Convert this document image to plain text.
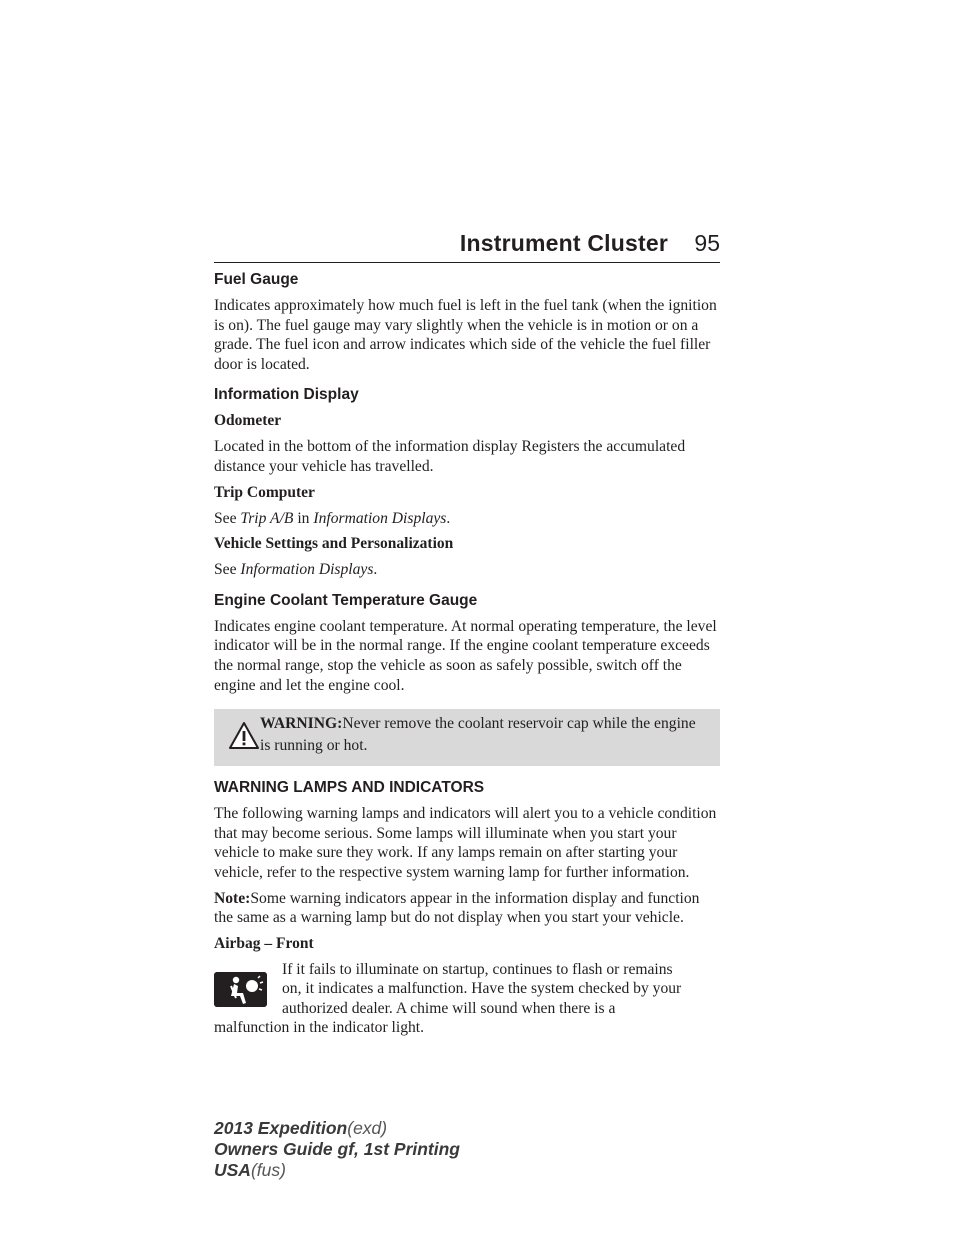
Instrument Cluster 95
Fuel Gauge

Indicates approximately how much fuel is left in the fuel tank (when the ignition is on). The fuel gauge may vary slightly when the vehicle is in motion or on a grade. The fuel icon and arrow indicates which side of the vehicle the fuel filler door is located.

Information Display
Odometer

Located in the bottom of the information display Registers the accumulated distance your vehicle has travelled.

Trip Computer

See Trip A/B in Information Displays.

Vehicle Settings and Personalization

See Information Displays.

Engine Coolant Temperature Gauge

Indicates engine coolant temperature. At normal operating temperature, the level indicator will be in the normal range. If the engine coolant temperature exceeds the normal range, stop the vehicle as soon as safely possible, switch off the engine and let the engine cool.

WARNING:Never remove the coolant reservoir cap while the engine is running or hot.
WARNING LAMPS AND INDICATORS

The following warning lamps and indicators will alert you to a vehicle condition that may become serious. Some lamps will illuminate when you start your vehicle to make sure they work. If any lamps remain on after starting your vehicle, refer to the respective system warning lamp for further information.

Note:Some warning indicators appear in the information display and function the same as a warning lamp but do not display when you start your vehicle.

Airbag – Front
If it fails to illuminate on startup, continues to flash or remains
on, it indicates a malfunction. Have the system checked by your
authorized dealer. A chime will sound when there is a
malfunction in the indicator light.
2013 Expedition(exd)
Owners Guide gf, 1st Printing
USA(fus)
